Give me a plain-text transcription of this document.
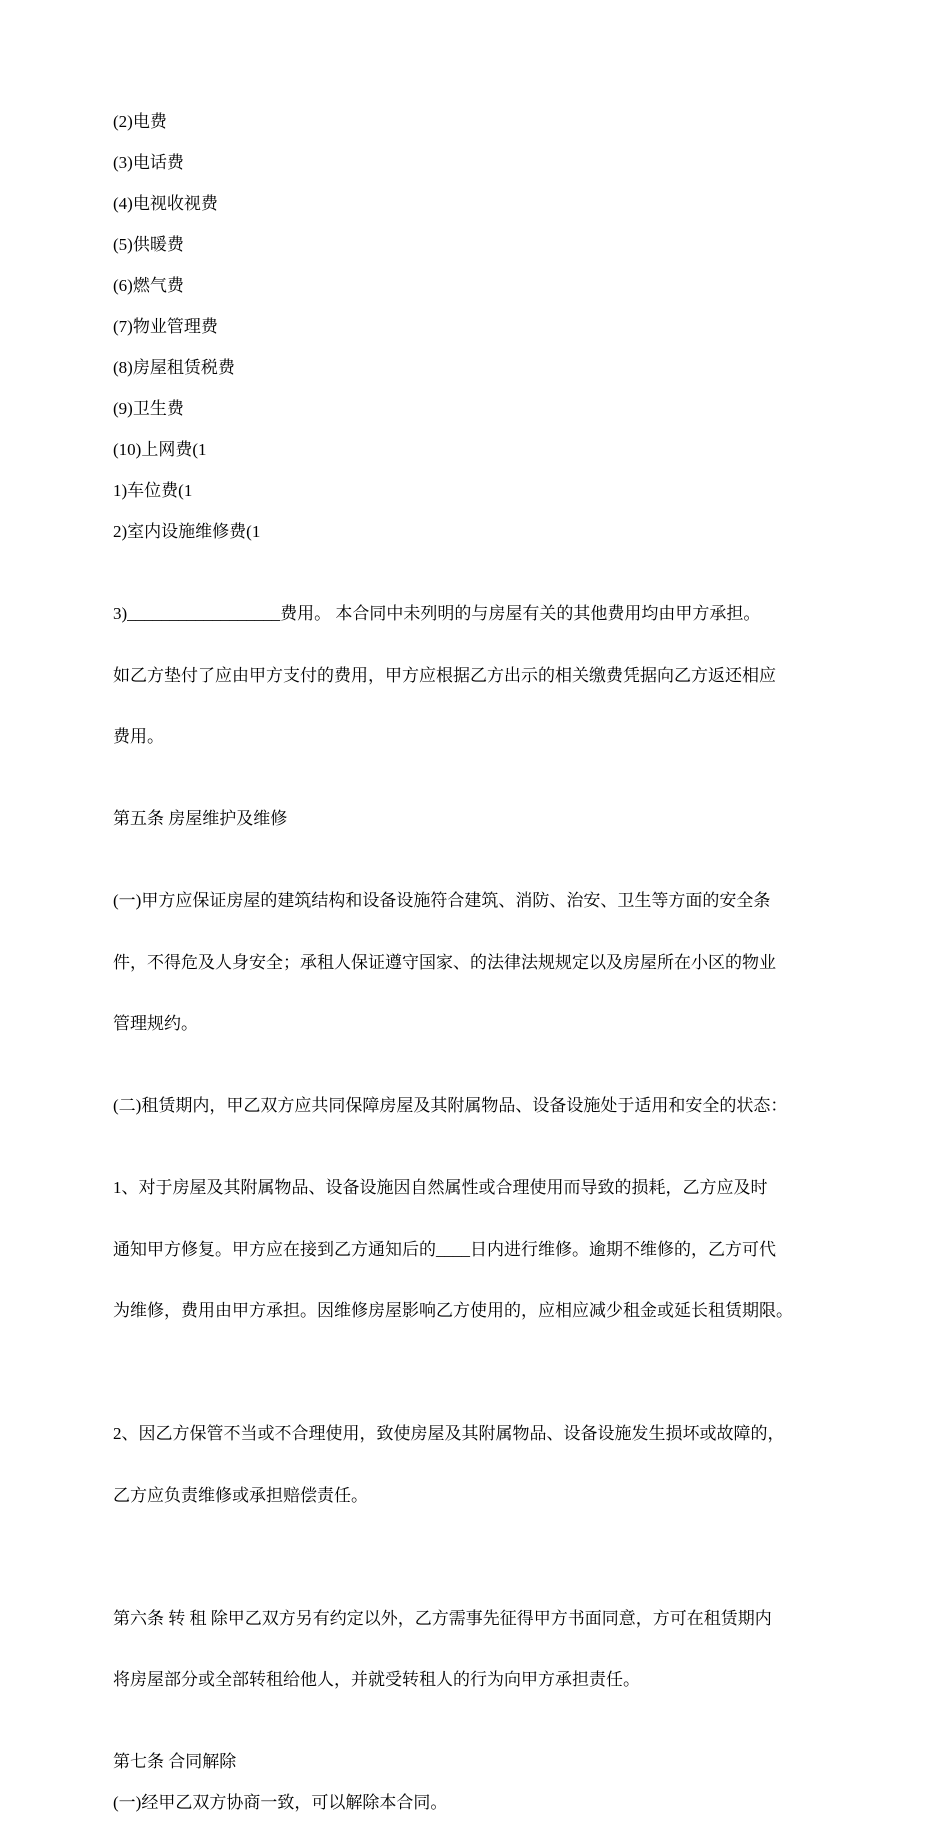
(2)电费
(3)电话费
(4)电视收视费
(5)供暖费
(6)燃气费
(7)物业管理费
(8)房屋租赁税费
(9)卫生费
(10)上网费(1
1)车位费(1
2)室内设施维修费(1

3)__________________费用。 本合同中未列明的与房屋有关的其他费用均由甲方承担。

如乙方垫付了应由甲方支付的费用，甲方应根据乙方出示的相关缴费凭据向乙方返还相应

费用。

第五条 房屋维护及维修

(一)甲方应保证房屋的建筑结构和设备设施符合建筑、消防、治安、卫生等方面的安全条

件，不得危及人身安全；承租人保证遵守国家、的法律法规规定以及房屋所在小区的物业

管理规约。

(二)租赁期内，甲乙双方应共同保障房屋及其附属物品、设备设施处于适用和安全的状态：

1、对于房屋及其附属物品、设备设施因自然属性或合理使用而导致的损耗，乙方应及时

通知甲方修复。甲方应在接到乙方通知后的____日内进行维修。逾期不维修的，乙方可代

为维修，费用由甲方承担。因维修房屋影响乙方使用的，应相应减少租金或延长租赁期限。

2、因乙方保管不当或不合理使用，致使房屋及其附属物品、设备设施发生损坏或故障的，

乙方应负责维修或承担赔偿责任。

第六条 转 租 除甲乙双方另有约定以外，乙方需事先征得甲方书面同意，方可在租赁期内

将房屋部分或全部转租给他人，并就受转租人的行为向甲方承担责任。

第七条 合同解除
(一)经甲乙双方协商一致，可以解除本合同。
